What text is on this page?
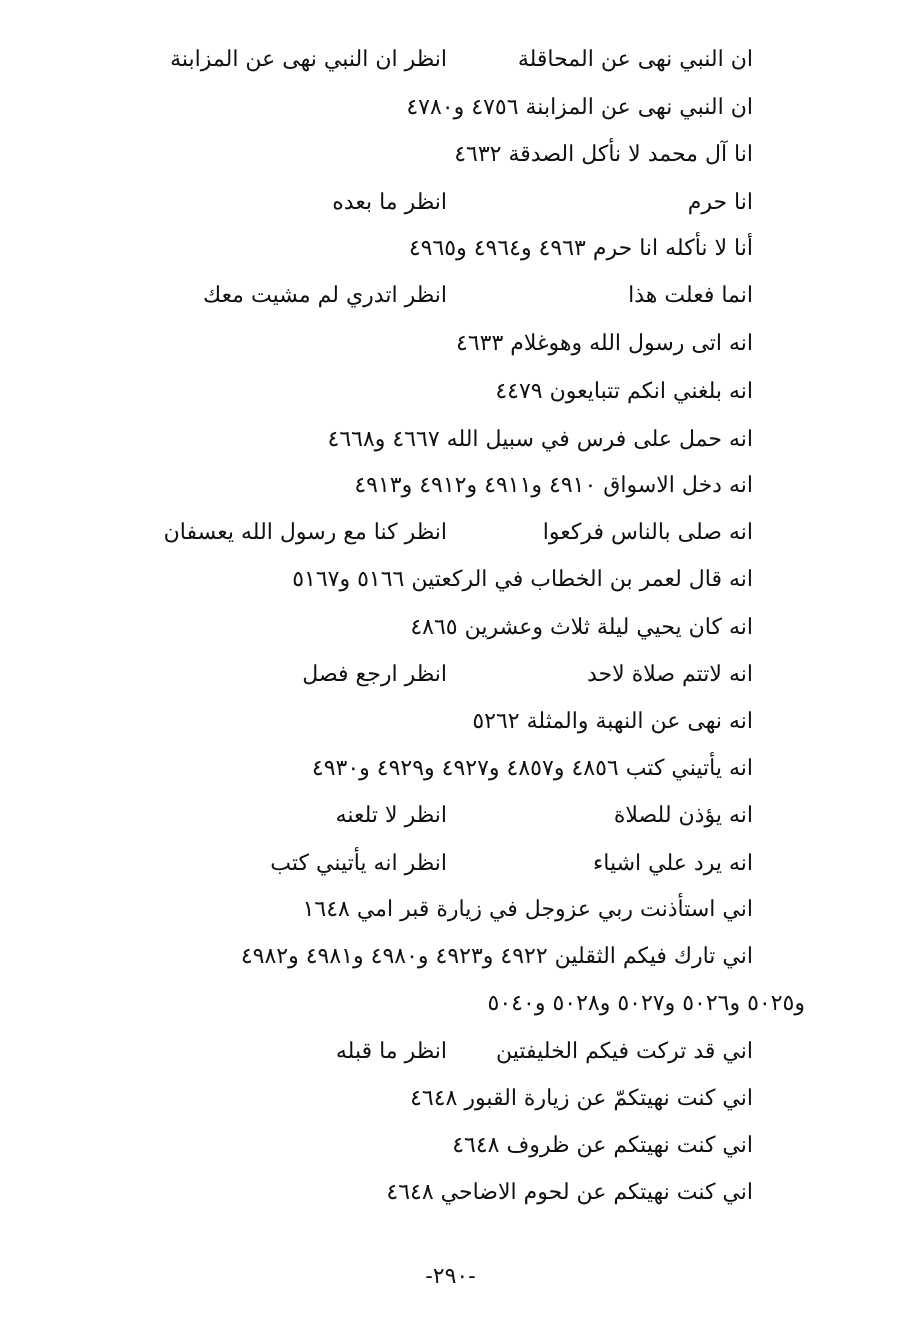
ان النبي نهى عن المحاقلة
انظر ان النبي نهى عن المزابنة
ان النبي نهى عن المزابنة ٤٧٥٦ و٤٧٨٠
انا آل محمد لا نأكل الصدقة ٤٦٣٢
انا حرم
انظر ما بعده
أنا لا نأكله انا حرم ٤٩٦٣ و٤٩٦٤ و٤٩٦٥
انما فعلت هذا
انظر اتدري لم مشيت معك
انه اتى رسول الله وهوغلام ٤٦٣٣
انه بلغني انكم تتبايعون ٤٤٧٩
انه حمل على فرس في سبيل الله ٤٦٦٧ و٤٦٦٨
انه دخل الاسواق ٤٩١٠ و٤٩١١ و٤٩١٢ و٤٩١٣
انه صلى بالناس فركعوا
انظر كنا مع رسول الله يعسفان
انه قال لعمر بن الخطاب في الركعتين ٥١٦٦ و٥١٦٧
انه كان يحيي ليلة ثلاث وعشرين ٤٨٦٥
انه لاتتم صلاة لاحد
انظر ارجع فصل
انه نهى عن النهبة والمثلة ٥٢٦٢
انه يأتيني كتب ٤٨٥٦ و٤٨٥٧ و٤٩٢٧ و٤٩٢٩ و٤٩٣٠
انه يؤذن للصلاة
انظر لا تلعنه
انه يرد علي اشياء
انظر انه يأتيني كتب
اني استأذنت ربي عزوجل في زيارة قبر امي ١٦٤٨
اني تارك فيكم الثقلين ٤٩٢٢ و٤٩٢٣ و٤٩٨٠ و٤٩٨١ و٤٩٨٢
و٥٠٢٥ و٥٠٢٦ و٥٠٢٧ و٥٠٢٨ و٥٠٤٠
اني قد تركت فيكم الخليفتين
انظر ما قبله
اني كنت نهيتكمّ عن زيارة القبور ٤٦٤٨
اني كنت نهيتكم عن ظروف ٤٦٤٨
اني كنت نهيتكم عن لحوم الاضاحي ٤٦٤٨
-٢٩٠-
